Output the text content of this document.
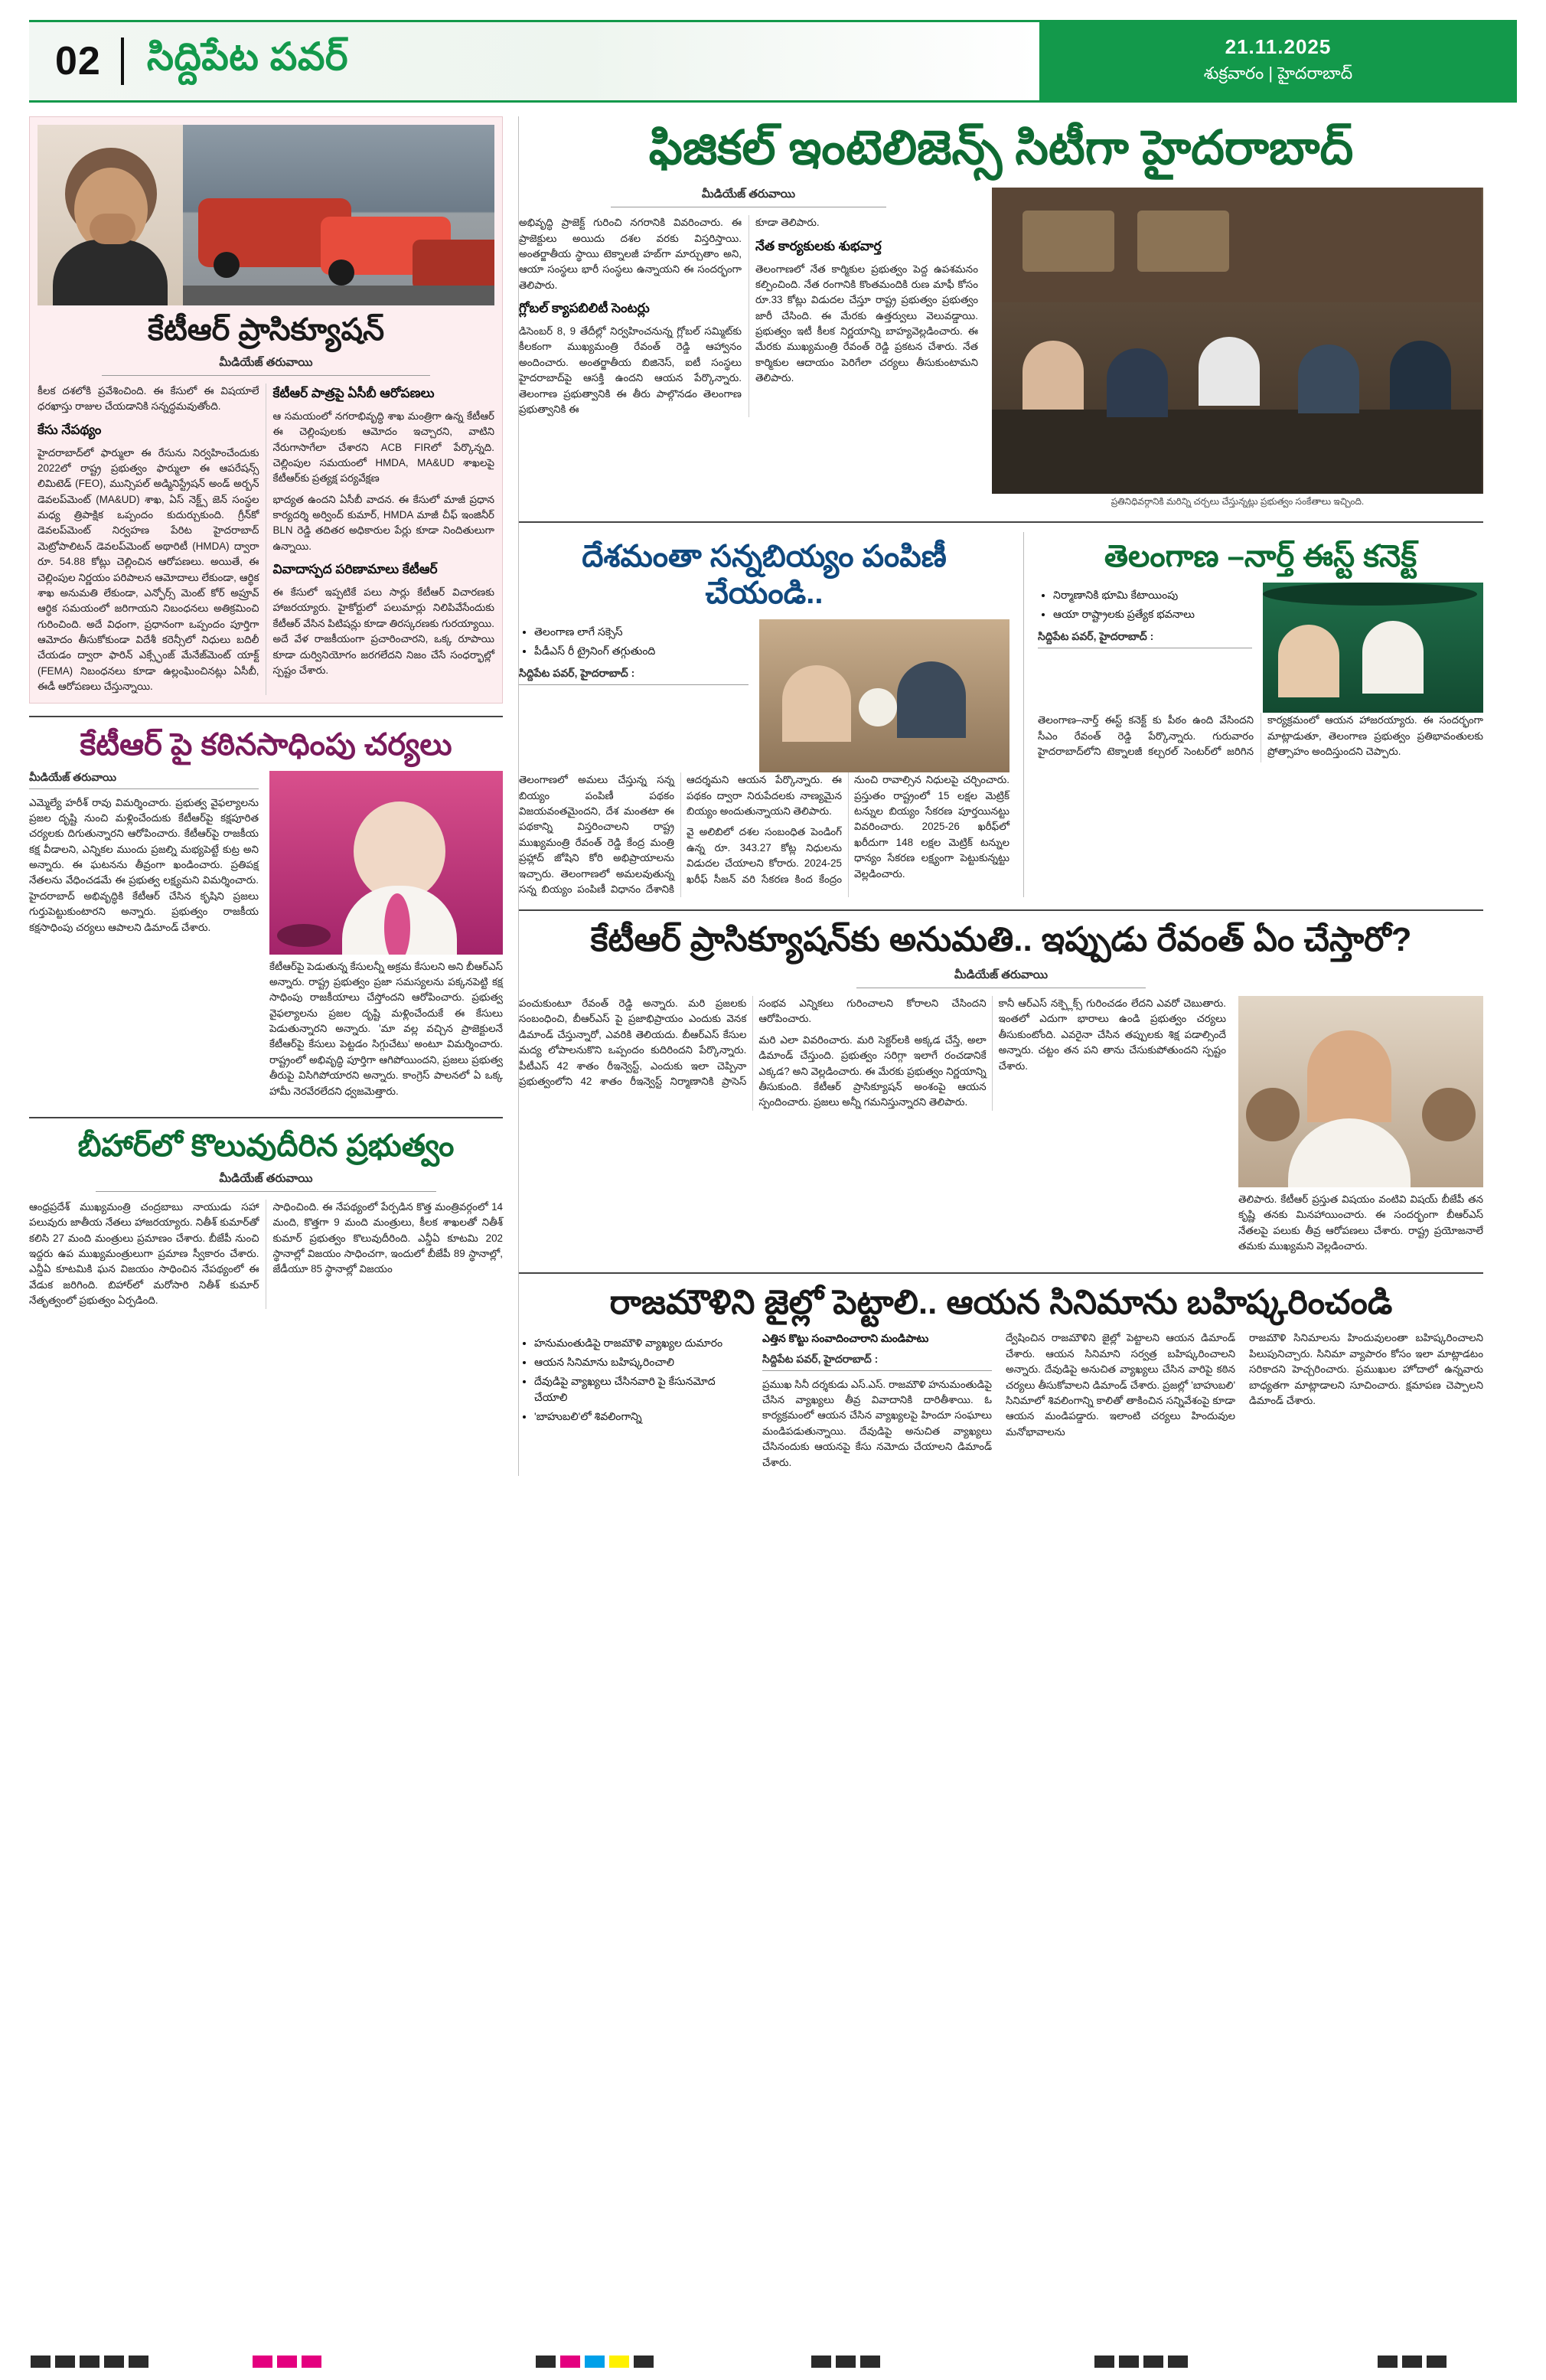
02	సిద్దిపేట పవర్	21.11.2025
శుక్రవారం | హైదరాబాద్
కేటీఆర్ ప్రాసిక్యూషన్
మీడియేజ్ తరువాయి

కీలక దశలోకి ప్రవేశించింది. ఈ కేసులో ఈ విషయాలే ధరఖాస్తు రాజుల చేయడానికి సన్నద్ధమవుతోంది.

కేసు నేపథ్యం

హైదరాబాద్‌లో ఫార్ములా ఈ రేసును నిర్వహించేందుకు 2022లో రాష్ట్ర ప్రభుత్వం ఫార్ములా ఈ ఆపరేషన్స్ లిమిటెడ్ (FEO), మున్సిపల్ అడ్మినిస్ట్రేషన్ అండ్ అర్బన్ డెవలప్‌మెంట్ (MA&UD) శాఖ, ఏస్ నెక్ట్స్ జెన్ సంస్థల మధ్య త్రిపాక్షిక ఒప్పందం కుదుర్చుకుంది. గ్రీన్‌కో డెవలప్‌మెంట్ నిర్వహణ పేరిట హైదరాబాద్ మెట్రోపాలిటన్ డెవలప్‌మెంట్ అథారిటీ (HMDA) ద్వారా రూ. 54.88 కోట్లు చెల్లించిన ఆరోపణలు. అయితే, ఈ చెల్లింపుల నిర్ణయం పరిపాలన ఆమోదాలు లేకుండా, ఆర్థిక శాఖ అనుమతి లేకుండా, ఎన్ఫోర్స్ మెంట్ కోర్ అప్రూవ్ ఆర్థిక సమయంలో జరిగాయని నిబంధనలు అతిక్రమించి గురించింది. అదే విధంగా, ప్రధానంగా ఒప్పందం పూర్తిగా ఆమోదం తీసుకోకుండా విదేశీ కరెన్సీలో నిధులు బదిలీ చేయడం ద్వారా ఫారిన్ ఎక్స్ఛేంజ్ మేనేజ్‌మెంట్ యాక్ట్ (FEMA) నిబంధనలు కూడా ఉల్లంఘించినట్లు ఏసీబీ, ఈడీ ఆరోపణలు చేస్తున్నాయి.

కేటీఆర్ పాత్రపై ఏసీబీ ఆరోపణలు

ఆ సమయంలో నగరాభివృద్ధి శాఖ మంత్రిగా ఉన్న కేటీఆర్ ఈ చెల్లింపులకు ఆమోదం ఇచ్చారని, వాటిని నేరుగాసాగేలా చేశారని ACB FIRలో పేర్కొన్నది. చెల్లింపుల సమయంలో HMDA, MA&UD శాఖలపై కేటీఆర్‌కు ప్రత్యక్ష పర్యవేక్షణ

భాద్యత ఉందని ఏసీబీ వాదన. ఈ కేసులో మాజీ ప్రధాన కార్యదర్శి అర్వింద్ కుమార్, HMDA మాజీ చీఫ్ ఇంజినీర్ BLN రెడ్డి తదితర అధికారుల పేర్లు కూడా నిందితులుగా ఉన్నాయి.

వివాదాస్పద పరిణామాలు కేటీఆర్

ఈ కేసులో ఇప్పటికే పలు సార్లు కేటీఆర్ విచారణకు హాజరయ్యారు. హైకోర్టులో పలుమార్లు నిలిపివేసేందుకు కేటీఆర్ వేసిన పిటిషన్లు కూడా తిరస్కరణకు గురయ్యాయి. అదే వేళ రాజకీయంగా ప్రచారించారని, ఒక్క రూపాయి కూడా దుర్వినియోగం జరగలేదని నిజం చేసే సంధర్భాల్లో స్పష్టం చేశారు.

కేటీఆర్ పై కఠినసాధింపు చర్యలు
మీడియేజ్ తరువాయి

ఎమ్మెల్యే హరీశ్ రావు విమర్శించారు. ప్రభుత్వ వైఫల్యాలను ప్రజల దృష్టి నుంచి మళ్లించేందుకు కేటీఆర్‌పై కక్షపూరిత చర్యలకు దిగుతున్నారని ఆరోపించారు. కేటీఆర్‌పై రాజకీయ కక్ష వీడాలని, ఎన్నికల ముందు ప్రజల్ని మభ్యపెట్టే కుట్ర అని అన్నారు. ఈ ఘటనను తీవ్రంగా ఖండించారు. ప్రతిపక్ష నేతలను వేధించడమే ఈ ప్రభుత్వ లక్ష్యమని విమర్శించారు. హైదరాబాద్ అభివృద్ధికి కేటీఆర్ చేసిన కృషిని ప్రజలు గుర్తుపెట్టుకుంటారని అన్నారు. ప్రభుత్వం రాజకీయ కక్షసాధింపు చర్యలు ఆపాలని డిమాండ్ చేశారు.

కేటీఆర్‌పై పెడుతున్న కేసులన్నీ అక్రమ కేసులని అని బీఆర్ఎస్ అన్నారు. రాష్ట్ర ప్రభుత్వం ప్రజా సమస్యలను పక్కనపెట్టి కక్ష సాధింపు రాజకీయాలు చేస్తోందని ఆరోపించారు. ప్రభుత్వ వైఫల్యాలను ప్రజల దృష్టి మళ్లించేందుకే ఈ కేసులు పెడుతున్నారని అన్నారు. 'మా వల్ల వచ్చిన ప్రాజెక్టులనే కేటీఆర్‌పై కేసులు పెట్టడం సిగ్గుచేటు' అంటూ విమర్శించారు. రాష్ట్రంలో అభివృద్ధి పూర్తిగా ఆగిపోయిందని, ప్రజలు ప్రభుత్వ తీరుపై విసిగిపోయారని అన్నారు. కాంగ్రెస్ పాలనలో ఏ ఒక్క హామీ నెరవేరలేదని ధ్వజమెత్తారు.

బీహార్‌లో కొలువుదీరిన ప్రభుత్వం
మీడియేజ్ తరువాయి

ఆంధ్రప్రదేశ్ ముఖ్యమంత్రి చంద్రబాబు నాయుడు సహా పలువురు జాతీయ నేతలు హాజరయ్యారు. నితీశ్ కుమార్‌తో కలిసి 27 మంది మంత్రులు ప్రమాణం చేశారు. బీజేపీ నుంచి ఇద్దరు ఉప ముఖ్యమంత్రులుగా ప్రమాణ స్వీకారం చేశారు. ఎన్డీఏ కూటమికి ఘన విజయం సాధించిన నేపథ్యంలో ఈ వేడుక జరిగింది. బిహార్‌లో మరోసారి నితీశ్ కుమార్ నేతృత్వంలో ప్రభుత్వం ఏర్పడింది.

సాధించింది. ఈ నేపథ్యంలో పేర్పడిన కొత్త మంత్రివర్గంలో 14 మంది, కొత్తగా 9 మంది మంత్రులు, కీలక శాఖలతో నితీశ్ కుమార్ ప్రభుత్వం కొలువుదీరింది. ఎన్డీఏ కూటమి 202 స్థానాల్లో విజయం సాధించగా, ఇందులో బీజేపీ 89 స్థానాల్లో, జేడీయూ 85 స్థానాల్లో విజయం

ఫిజికల్ ఇంటెలిజెన్స్ సిటీగా హైదరాబాద్
మీడియేజ్ తరువాయి

అభివృద్ధి ప్రాజెక్ట్ గురించి నగరానికి వివరించారు. ఈ ప్రాజెక్టులు అయిదు దశల వరకు విస్తరిస్తాయి. అంతర్జాతీయ స్థాయి టెక్నాలజీ హబ్‌గా మార్చుతాం అని, ఆయా సంస్థలు భారీ సంస్థలు ఉన్నాయని ఈ సందర్భంగా తెలిపారు.

గ్లోబల్ క్యాపబిలిటీ సెంటర్లు

డిసెంబర్ 8, 9 తేదీల్లో నిర్వహించనున్న గ్లోబల్ సమ్మిట్‌కు కీలకంగా ముఖ్యమంత్రి రేవంత్ రెడ్డి ఆహ్వానం అందించారు. అంతర్జాతీయ బిజినెస్, ఐటీ సంస్థలు హైదరాబాద్‌పై ఆసక్తి ఉందని ఆయన పేర్కొన్నారు. తెలంగాణ ప్రభుత్వానికి ఈ తీరు పాల్గొనడం తెలంగాణ ప్రభుత్వానికి ఈ

కూడా తెలిపారు.

నేత కార్యకులకు శుభవార్త

తెలంగాణలో నేత కార్మికుల ప్రభుత్వం పెద్ద ఉపశమనం కల్పించింది. నేత రంగానికి కొంతమందికి రుణ మాఫీ కోసం రూ.33 కోట్లు విడుదల చేస్తూ రాష్ట్ర ప్రభుత్వం ప్రభుత్వం జారీ చేసింది. ఈ మేరకు ఉత్తర్వులు వెలువడ్డాయి. ప్రభుత్వం ఇటీ కీలక నిర్ణయాన్ని బాహ్యవెల్లడించారు. ఈ మేరకు ముఖ్యమంత్రి రేవంత్ రెడ్డి ప్రకటన చేశారు. నేత కార్మికుల ఆదాయం పెరిగేలా చర్యలు తీసుకుంటామని తెలిపారు.

ప్రతినిధివర్గానికి మరిన్ని చర్చలు చేస్తున్నట్లు ప్రభుత్వం సంకేతాలు ఇచ్చింది.
దేశమంతా సన్నబియ్యం పంపిణీ చేయండి..
• తెలంగాణ లాగే సక్సెస్
• పీడీఎస్ రీ ట్రైనింగ్ తగ్గుతుంది
సిద్దిపేట పవర్, హైదరాబాద్ :

తెలంగాణలో అమలు చేస్తున్న సన్న బియ్యం పంపిణీ పథకం విజయవంతమైందని, దేశ మంతటా ఈ పథకాన్ని విస్తరించాలని రాష్ట్ర ముఖ్యమంత్రి రేవంత్ రెడ్డి కేంద్ర మంత్రి ప్రహ్లాద్ జోషిని కోరి అభిప్రాయాలను ఇచ్చారు. తెలంగాణలో అమలవుతున్న సన్న బియ్యం పంపిణీ విధానం దేశానికి ఆదర్శమని ఆయన పేర్కొన్నారు. ఈ పథకం ద్వారా నిరుపేదలకు నాణ్యమైన బియ్యం అందుతున్నాయని తెలిపారు.

వై అలిబిలో దశల సంబంధిత పెండింగ్ ఉన్న రూ. 343.27 కోట్ల నిధులను విడుదల చేయాలని కోరారు. 2024-25 ఖరీఫ్ సీజన్ వరి సేకరణ కింద కేంద్రం నుంచి రావాల్సిన నిధులపై చర్చించారు. ప్రస్తుతం రాష్ట్రంలో 15 లక్షల మెట్రిక్ టన్నుల బియ్యం సేకరణ పూర్తయినట్టు వివరించారు. 2025-26 ఖరీఫ్‌లో ఖరీదుగా 148 లక్షల మెట్రిక్ టన్నుల ధాన్యం సేకరణ లక్ష్యంగా పెట్టుకున్నట్టు వెల్లడించారు.

తెలంగాణ –నార్త్ ఈస్ట్ కనెక్ట్
• నిర్మాణానికి భూమి కేటాయింపు
• ఆయా రాష్ట్రాలకు ప్రత్యేక భవనాలు
సిద్దిపేట పవర్, హైదరాబాద్ :

తెలంగాణ–నార్త్ ఈస్ట్ కనెక్ట్ కు పీఠం ఉంది వేసిందని సీఎం రేవంత్ రెడ్డి పేర్కొన్నారు. గురువారం హైదరాబాద్‌లోని టెక్నాలజీ కల్చరల్ సెంటర్‌లో జరిగిన కార్యక్రమంలో ఆయన హాజరయ్యారు. ఈ సందర్భంగా మాట్లాడుతూ, తెలంగాణ ప్రభుత్వం ప్రతిభావంతులకు ప్రోత్సాహం అందిస్తుందని చెప్పారు.

కేటీఆర్ ప్రాసిక్యూషన్‌కు అనుమతి.. ఇప్పుడు రేవంత్ ఏం చేస్తారో?
మీడియేజ్ తరువాయి

పంచుకుంటూ రేవంత్ రెడ్డి అన్నారు. మరి ప్రజలకు సంబంధించి, బీఆర్ఎస్ పై ప్రజాభిప్రాయం ఎందుకు వెనక డిమాండ్ చేస్తున్నారో, ఎవరికి తెలియదు. బీఆర్ఎస్ కేసుల మద్య లోపాలనుకొని ఒప్పందం కుదిరిందని పేర్కొన్నారు. పీటీఎస్ 42 శాతం రీఇన్వెస్ట్, ఎందుకు ఇలా చెప్పినా ప్రభుత్వంలోని 42 శాతం రీఇన్వెస్ట్ నిర్మాణానికి ప్రాసెస్ సంభవ ఎన్నికలు గురించాలని కోరాలని చేసిందని ఆరోపించారు.

మరి ఎలా వివరించారు. మరి సెక్టర్‌లకి అక్కడ చేస్తే, అలా డిమాండ్ చేస్తుంది. ప్రభుత్వం సరిగ్గా ఇలాగే రంచడానికే ఎక్కడ? అని వెల్లడించారు. ఈ మేరకు ప్రభుత్వం నిర్ణయాన్ని తీసుకుంది. కేటీఆర్ ప్రాసిక్యూషన్ అంశంపై ఆయన స్పందించారు. ప్రజలు అన్నీ గమనిస్తున్నారని తెలిపారు.

కానీ ఆర్ఎస్ నక్ప్లెక్స్ గురించడం లేదని ఎవరో చెబుతారు. ఇంతలో ఎదుగా భారాలు ఉండి ప్రభుత్వం చర్యలు తీసుకుంటోంది. ఎవరైనా చేసిన తప్పులకు శిక్ష పడాల్సిందే అన్నారు. చట్టం తన పని తాను చేసుకుపోతుందని స్పష్టం చేశారు.

తెలిపారు. కేటీఆర్ ప్రస్తుత విషయం వంటివి విషయ్ బీజేపీ తన కృష్ణి తనకు మినహాయించారు. ఈ సందర్భంగా బీఆర్ఎస్ నేతలపై పలుకు తీవ్ర ఆరోపణలు చేశారు. రాష్ట్ర ప్రయోజనాలే తమకు ముఖ్యమని వెల్లడించారు.

రాజమౌళిని జైల్లో పెట్టాలి.. ఆయన సినిమాను బహిష్కరించండి
• హనుమంతుడిపై రాజమౌళి వ్యాఖ్యల దుమారం
• ఆయన సినిమాను బహిష్కరించాలి
• దేవుడిపై వ్యాఖ్యలు చేసినవారి పై కేసునమోద చేయాలి
• 'బాహుబలి'లో శివలింగాన్ని
ఎత్తిన కొట్టు సంవాదించారాని మండిపాటు
సిద్దిపేట పవర్, హైదరాబాద్ :

ప్రముఖ సినీ దర్శకుడు ఎస్.ఎస్. రాజమౌళి హనుమంతుడిపై చేసిన వ్యాఖ్యలు తీవ్ర వివాదానికి దారితీశాయి. ఓ కార్యక్రమంలో ఆయన చేసిన వ్యాఖ్యలపై హిందూ సంఘాలు మండిపడుతున్నాయి. దేవుడిపై అనుచిత వ్యాఖ్యలు చేసినందుకు ఆయనపై కేసు నమోదు చేయాలని డిమాండ్ చేశారు.

ద్వేషించిన రాజమౌళిని జైల్లో పెట్టాలని ఆయన డిమాండ్ చేశారు. ఆయన సినిమాని సర్వత్ర బహిష్కరించాలని అన్నారు. దేవుడిపై అనుచిత వ్యాఖ్యలు చేసిన వారిపై కఠిన చర్యలు తీసుకోవాలని డిమాండ్ చేశారు. ప్రజల్లో 'బాహుబలి' సినిమాలో శివలింగాన్ని కాలితో తాకించిన సన్నివేశంపై కూడా ఆయన మండిపడ్డారు. ఇలాంటి చర్యలు హిందువుల మనోభావాలను

రాజమౌళి సినిమాలను హిందువులంతా బహిష్కరించాలని పిలుపునిచ్చారు. సినిమా వ్యాపారం కోసం ఇలా మాట్లాడటం సరికాదని హెచ్చరించారు. ప్రముఖుల హోదాలో ఉన్నవారు బాధ్యతగా మాట్లాడాలని సూచించారు. క్షమాపణ చెప్పాలని డిమాండ్ చేశారు.
